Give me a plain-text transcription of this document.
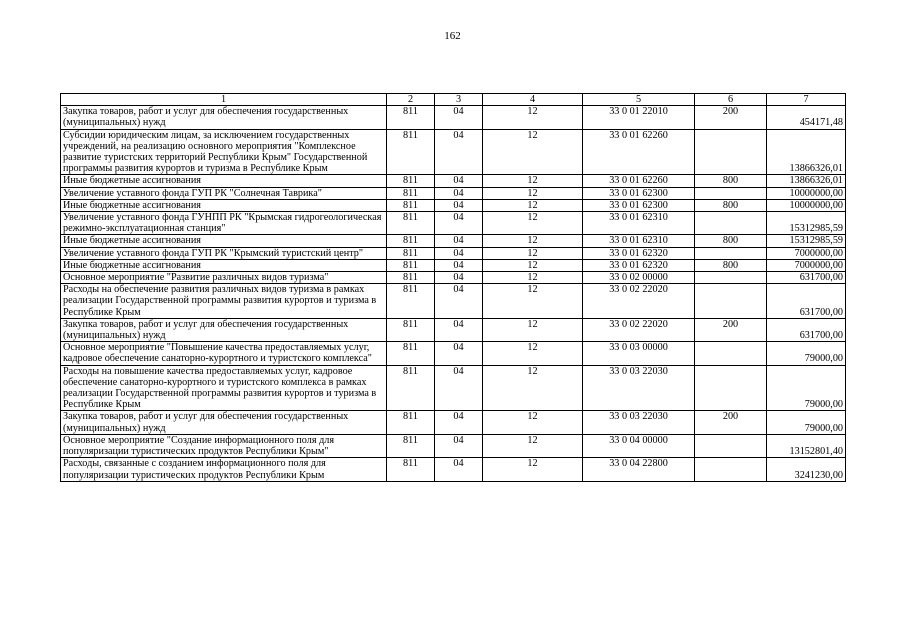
162
1	2	3	4	5	6	7
Закупка товаров, работ и услуг для обеспечения государственных (муниципальных) нужд	811	04	12	33 0 01 22010	200	454171,48
Субсидии юридическим лицам, за исключением государственных учреждений, на реализацию основного мероприятия "Комплексное развитие туристских территорий Республики Крым" Государственной программы развития курортов и туризма в Республике Крым	811	04	12	33 0 01 62260		13866326,01
Иные бюджетные ассигнования	811	04	12	33 0 01 62260	800	13866326,01
Увеличение уставного фонда ГУП РК "Солнечная Таврика"	811	04	12	33 0 01 62300		10000000,00
Иные бюджетные ассигнования	811	04	12	33 0 01 62300	800	10000000,00
Увеличение уставного фонда ГУНПП РК "Крымская гидрогеологическая режимно-эксплуатационная станция"	811	04	12	33 0 01 62310		15312985,59
Иные бюджетные ассигнования	811	04	12	33 0 01 62310	800	15312985,59
Увеличение уставного фонда ГУП РК "Крымский туристский центр"	811	04	12	33 0 01 62320		7000000,00
Иные бюджетные ассигнования	811	04	12	33 0 01 62320	800	7000000,00
Основное мероприятие "Развитие различных видов туризма"	811	04	12	33 0 02 00000		631700,00
Расходы на обеспечение развития различных видов туризма в рамках реализации Государственной программы развития курортов и туризма в Республике Крым	811	04	12	33 0 02 22020		631700,00
Закупка товаров, работ и услуг для обеспечения государственных (муниципальных) нужд	811	04	12	33 0 02 22020	200	631700,00
Основное мероприятие "Повышение качества предоставляемых услуг, кадровое обеспечение санаторно-курортного и туристского комплекса"	811	04	12	33 0 03 00000		79000,00
Расходы на повышение качества предоставляемых услуг, кадровое обеспечение санаторно-курортного и туристского комплекса в рамках реализации Государственной программы развития курортов и туризма в Республике Крым	811	04	12	33 0 03 22030		79000,00
Закупка товаров, работ и услуг для обеспечения государственных (муниципальных) нужд	811	04	12	33 0 03 22030	200	79000,00
Основное мероприятие "Создание информационного поля для популяризации туристических продуктов Республики Крым"	811	04	12	33 0 04 00000		13152801,40
Расходы, связанные с созданием информационного поля для популяризации туристических продуктов Республики Крым	811	04	12	33 0 04 22800		3241230,00
